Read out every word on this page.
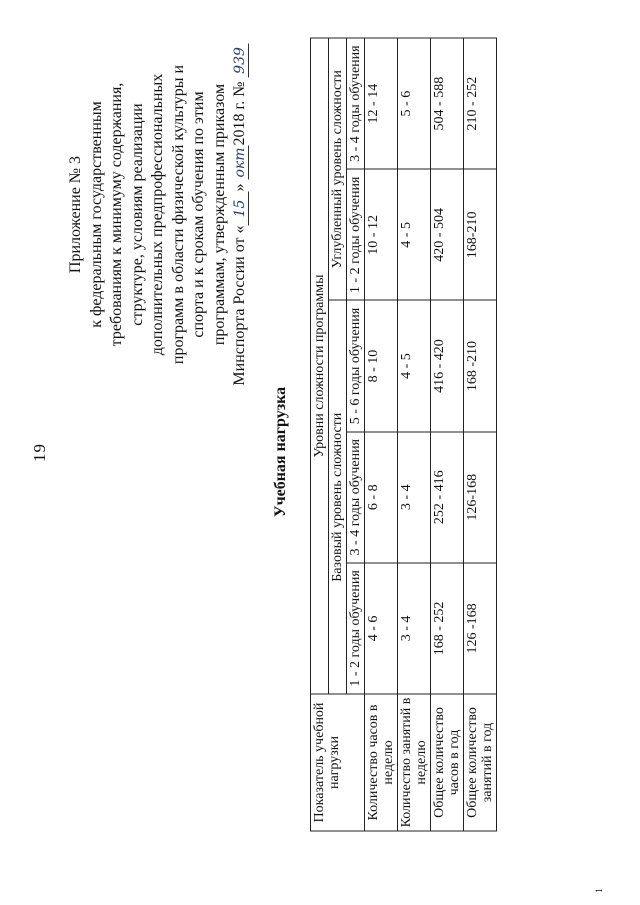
19
Приложение № 3 к федеральным государственным требованиям к минимуму содержания, структуре, условиям реализации дополнительных предпрофессиональных программ в области физической культуры и спорта и к срокам обучения по этим программам, утвержденным приказом Минспорта России от «15» окт2018 г. № 939
Учебная нагрузка
Показатель учебной нагрузки	Уровни сложности программы				
	Базовый уровень сложности			Углубленный уровень сложности	
	1 - 2 годы обучения	3 - 4 годы обучения	5 - 6 годы обучения	1 - 2 годы обучения	3 - 4 годы обучения
Количество часов в неделю	4 - 6	6 - 8	8 - 10	10 - 12	12 - 14
Количество занятий в неделю	3 - 4	3 - 4	4 - 5	4 - 5	5 - 6
Общее количество часов в год	168 - 252	252 - 416	416 - 420	420 - 504	504 - 588
Общее количество занятий в год	126 -168	126-168	168 -210	168-210	210 - 252
1
